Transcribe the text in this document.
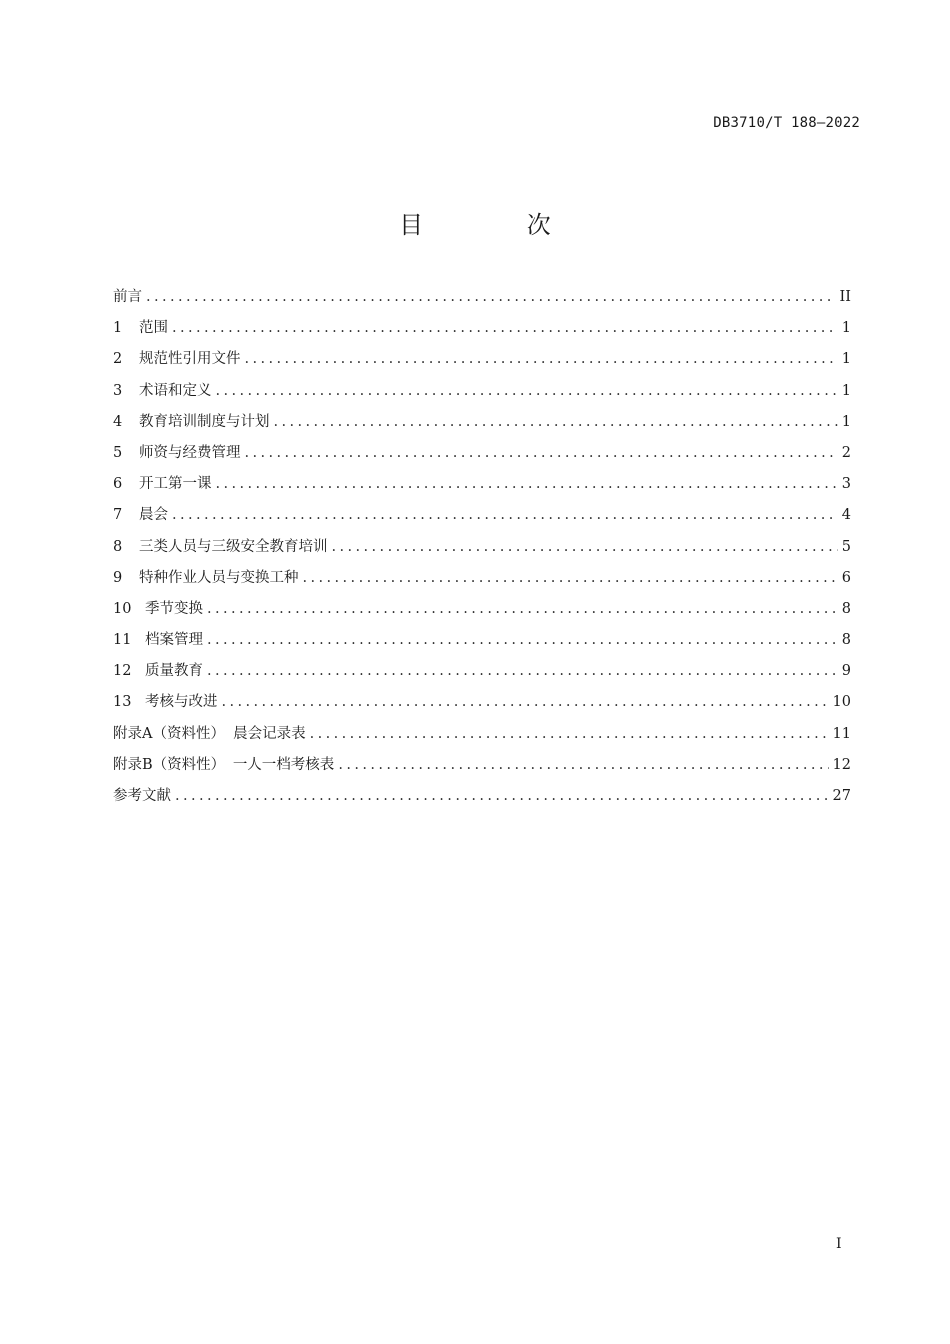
DB3710/T 188—2022
目 次
前言 .....	II
1	范围 .....	1
2	规范性引用文件 .....	1
3	术语和定义 .....	1
4	教育培训制度与计划 .....	1
5	师资与经费管理 .....	2
6	开工第一课 .....	3
7	晨会 .....	4
8	三类人员与三级安全教育培训 .....	5
9	特种作业人员与变换工种 .....	6
10 季节变换 .....	8
11 档案管理 .....	8
12 质量教育 .....	9
13 考核与改进 .....	10
附录A（资料性） 晨会记录表 .....	11
附录B（资料性） 一人一档考核表 .....	12
参考文献 .....	27
I
